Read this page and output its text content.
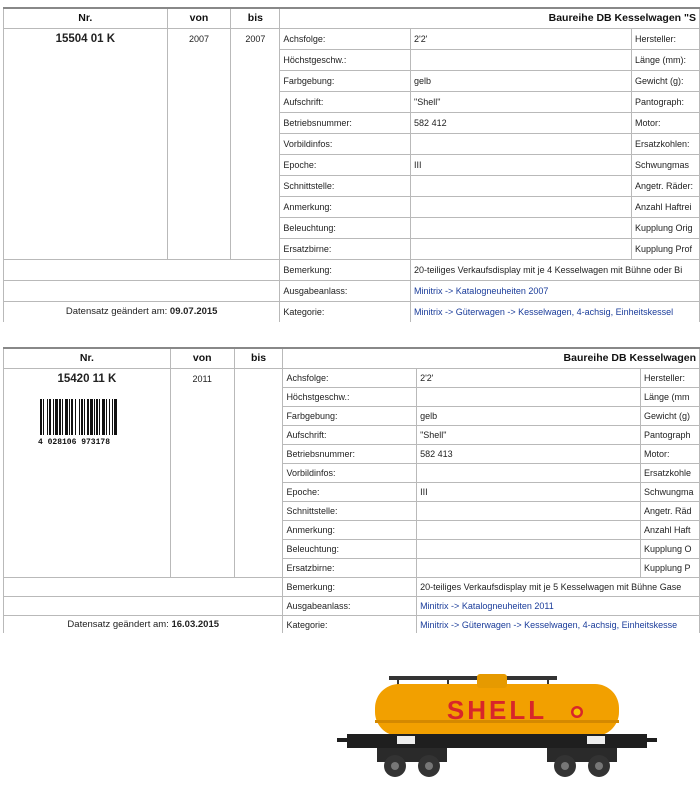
Nr.	von	bis	Baureihe DB Kesselwagen "S		
15504 01 K	2007	2007	Achsfolge:	2'2'	Hersteller:
			Höchstgeschw.:		Länge (mm):
			Farbgebung:	gelb	Gewicht (g):
			Aufschrift:	"Shell"	Pantograph:
			Betriebsnummer:	582 412	Motor:
			Vorbildinfos:		Ersatzkohlen:
			Epoche:	III	Schwungmas
			Schnittstelle:		Angetr. Räder:
			Anmerkung:		Anzahl Haftrei
			Beleuchtung:		Kupplung Orig
			Ersatzbirne:		Kupplung Prof
			Bemerkung:	20-teiliges Verkaufsdisplay mit je 4 Kesselwagen mit Bühne oder Bi	
			Ausgabeanlass:	Minitrix -> Katalogneuheiten 2007	
Datensatz geändert am: 09.07.2015			Kategorie:	Minitrix -> Güterwagen -> Kesselwagen, 4-achsig, Einheitskessel	
Nr.	von	bis	Baureihe DB Kesselwagen		

15420 11 K
4 028106 973178	2011		Achsfolge:	2'2'	Hersteller:
			Höchstgeschw.:		Länge (mm
			Farbgebung:	gelb	Gewicht (g)
			Aufschrift:	"Shell"	Pantograph
			Betriebsnummer:	582 413	Motor:
			Vorbildinfos:		Ersatzkohle
			Epoche:	III	Schwungma
			Schnittstelle:		Angetr. Räd
			Anmerkung:		Anzahl Haft
			Beleuchtung:		Kupplung O
			Ersatzbirne:		Kupplung P
			Bemerkung:	20-teiliges Verkaufsdisplay mit je 5 Kesselwagen mit Bühne Gase	
			Ausgabeanlass:	Minitrix -> Katalogneuheiten 2011	
Datensatz geändert am: 16.03.2015			Kategorie:	Minitrix -> Güterwagen -> Kesselwagen, 4-achsig, Einheitskesse	
SHELL
